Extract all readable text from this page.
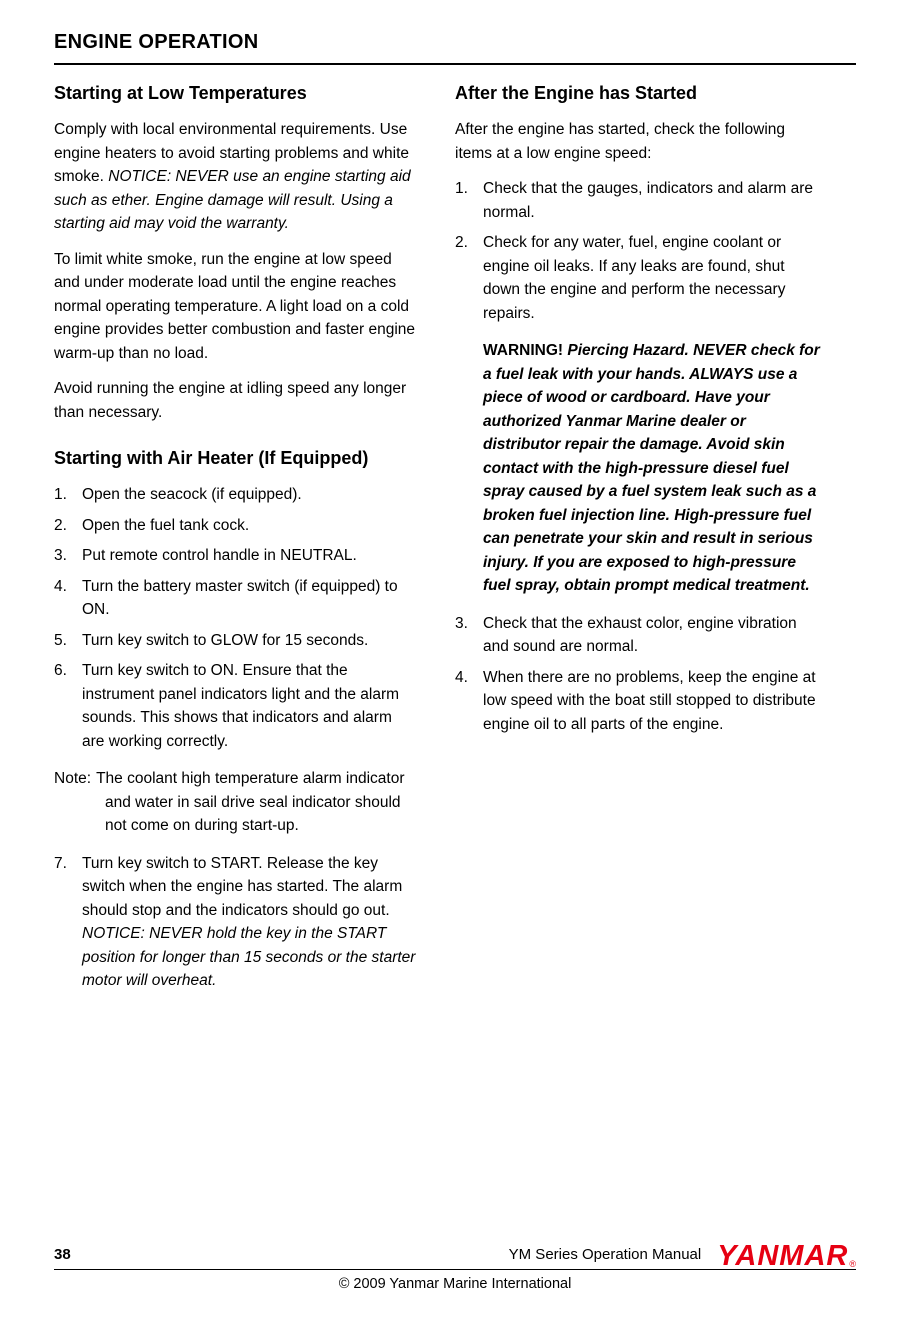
ENGINE OPERATION
Starting at Low Temperatures

Comply with local environmental requirements. Use engine heaters to avoid starting problems and white smoke. NOTICE: NEVER use an engine starting aid such as ether. Engine damage will result. Using a starting aid may void the warranty.

To limit white smoke, run the engine at low speed and under moderate load until the engine reaches normal operating temperature. A light load on a cold engine provides better combustion and faster engine warm-up than no load.

Avoid running the engine at idling speed any longer than necessary.

Starting with Air Heater (If Equipped)
1. Open the seacock (if equipped).
2. Open the fuel tank cock.
3. Put remote control handle in NEUTRAL.
4. Turn the battery master switch (if equipped) to ON.
5. Turn key switch to GLOW for 15 seconds.
6. Turn key switch to ON. Ensure that the instrument panel indicators light and the alarm sounds. This shows that indicators and alarm are working correctly.
Note: The coolant high temperature alarm indicator and water in sail drive seal indicator should not come on during start-up.
7. Turn key switch to START. Release the key switch when the engine has started. The alarm should stop and the indicators should go out. NOTICE: NEVER hold the key in the START position for longer than 15 seconds or the starter motor will overheat.
After the Engine has Started

After the engine has started, check the following items at a low engine speed:

1. Check that the gauges, indicators and alarm are normal.
2. Check for any water, fuel, engine coolant or engine oil leaks. If any leaks are found, shut down the engine and perform the necessary repairs.
WARNING! Piercing Hazard. NEVER check for a fuel leak with your hands. ALWAYS use a piece of wood or cardboard. Have your authorized Yanmar Marine dealer or distributor repair the damage. Avoid skin contact with the high-pressure diesel fuel spray caused by a fuel system leak such as a broken fuel injection line. High-pressure fuel can penetrate your skin and result in serious injury. If you are exposed to high-pressure fuel spray, obtain prompt medical treatment.
3. Check that the exhaust color, engine vibration and sound are normal.
4. When there are no problems, keep the engine at low speed with the boat still stopped to distribute engine oil to all parts of the engine.
38	YM Series Operation Manual YANMAR ®
© 2009 Yanmar Marine International
